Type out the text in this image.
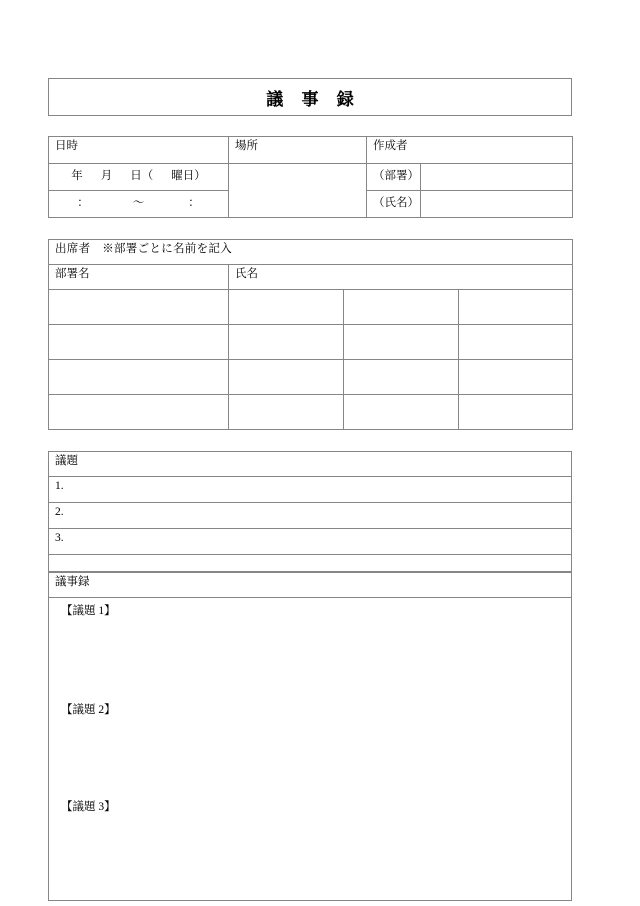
議 事 録
日時	場所	作成者	
年 月 日（ 曜日）		（部署）	
： ～ ：		（氏名）	
出席者　※部署ごとに名前を記入			
部署名	氏名		

議題
1.
2.
3.

議事録

【議題 1】
【議題 2】
【議題 3】
